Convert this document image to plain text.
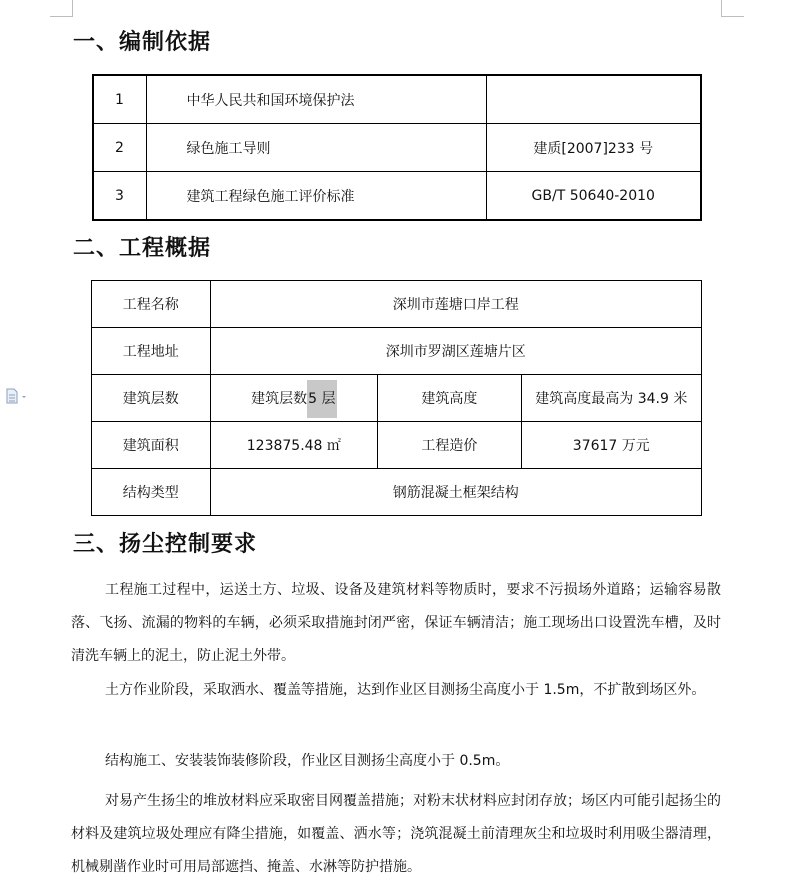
一、编制依据
1	中华人民共和国环境保护法	
2	绿色施工导则	建质[2007]233 号
3	建筑工程绿色施工评价标准	GB/T 50640-2010
二、工程概据
工程名称	深圳市莲塘口岸工程		
工程地址	深圳市罗湖区莲塘片区		
建筑层数	建筑层数5 层	建筑高度	建筑高度最高为 34.9 米
建筑面积	123875.48 ㎡	工程造价	37617 万元
结构类型	钢筋混凝土框架结构		
三、扬尘控制要求

工程施工过程中，运送土方、垃圾、设备及建筑材料等物质时，要求不污损场外道路；运输容易散落、飞扬、流漏的物料的车辆，必须采取措施封闭严密，保证车辆清洁；施工现场出口设置洗车槽，及时清洗车辆上的泥土，防止泥土外带。

土方作业阶段，采取洒水、覆盖等措施，达到作业区目测扬尘高度小于 1.5m，不扩散到场区外。

结构施工、安装装饰装修阶段，作业区目测扬尘高度小于 0.5m。

对易产生扬尘的堆放材料应采取密目网覆盖措施；对粉末状材料应封闭存放；场区内可能引起扬尘的材料及建筑垃圾处理应有降尘措施，如覆盖、洒水等；浇筑混凝土前清理灰尘和垃圾时利用吸尘器清理，机械剔凿作业时可用局部遮挡、掩盖、水淋等防护措施。
